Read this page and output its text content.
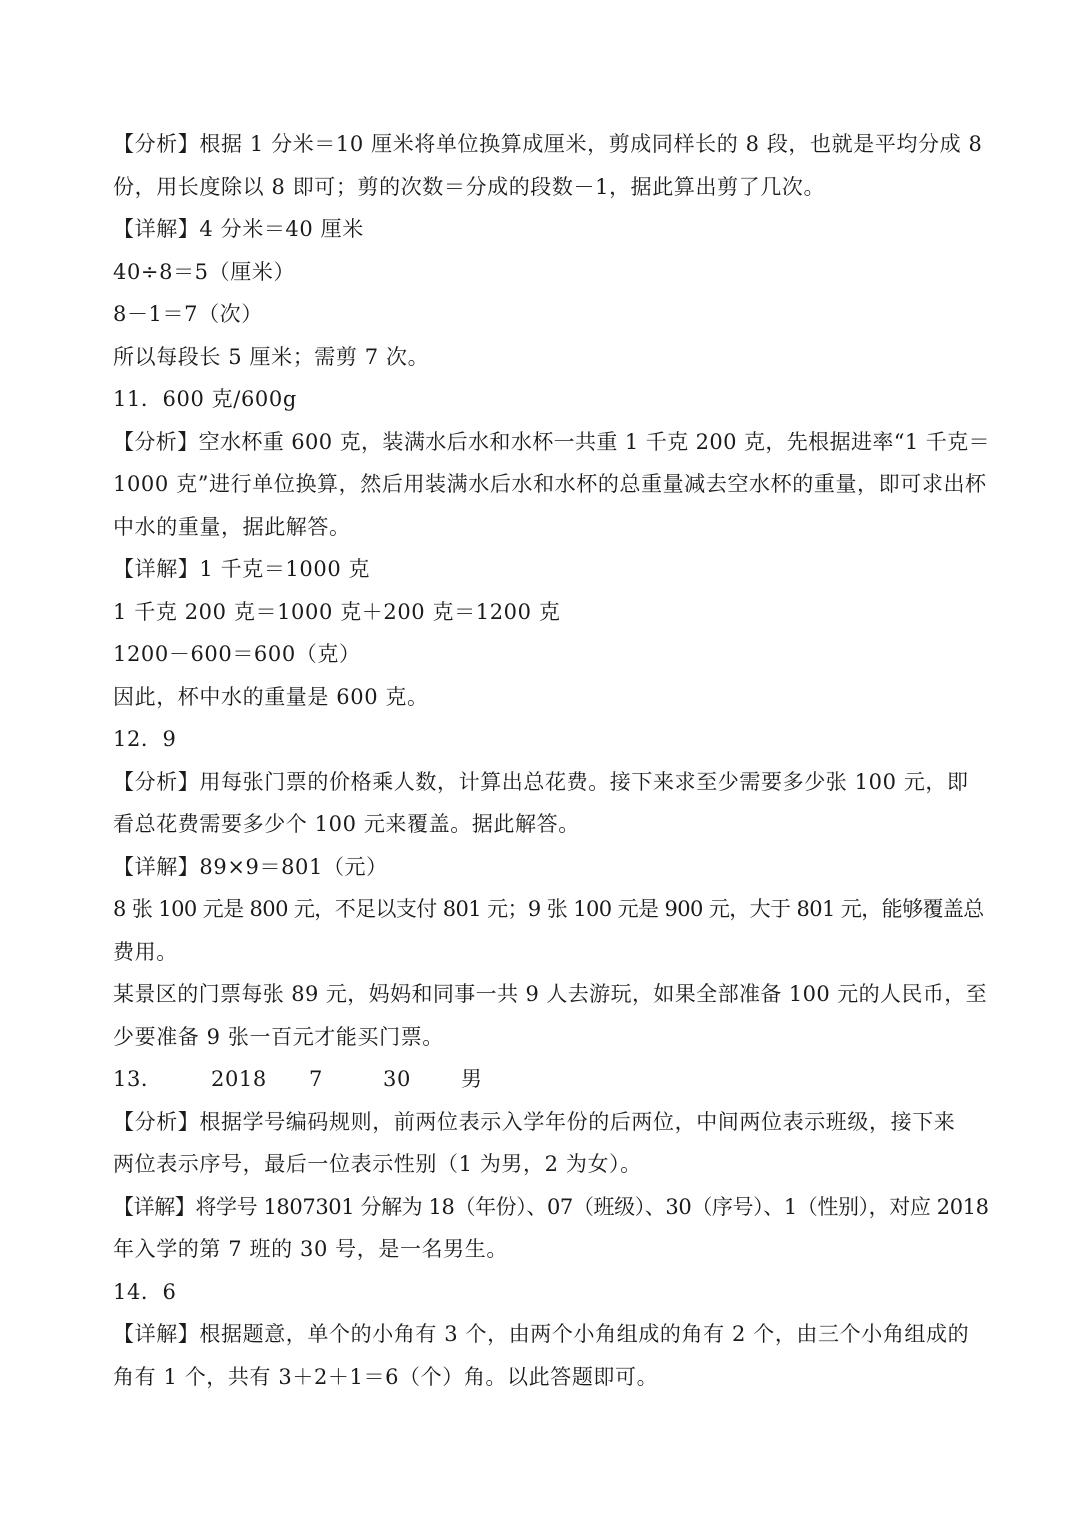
【分析】根据 1 分米＝10 厘米将单位换算成厘米，剪成同样长的 8 段，也就是平均分成 8
份，用长度除以 8 即可；剪的次数＝分成的段数－1，据此算出剪了几次。
【详解】4 分米＝40 厘米
40÷8＝5（厘米）
8－1＝7（次）
所以每段长 5 厘米；需剪 7 次。
11．600 克/600g
【分析】空水杯重 600 克，装满水后水和水杯一共重 1 千克 200 克，先根据进率“1 千克＝
1000 克”进行单位换算，然后用装满水后水和水杯的总重量减去空水杯的重量，即可求出杯
中水的重量，据此解答。
【详解】1 千克＝1000 克
1 千克 200 克＝1000 克＋200 克＝1200 克
1200－600＝600（克）
因此，杯中水的重量是 600 克。
12．9
【分析】用每张门票的价格乘人数，计算出总花费。接下来求至少需要多少张 100 元，即
看总花费需要多少个 100 元来覆盖。据此解答。
【详解】89×9＝801（元）
8 张 100 元是 800 元，不足以支付 801 元；9 张 100 元是 900 元，大于 801 元，能够覆盖总
费用。
某景区的门票每张 89 元，妈妈和同事一共 9 人去游玩，如果全部准备 100 元的人民币，至
少要准备 9 张一百元才能买门票。
13． 2018 7	30 男
【分析】根据学号编码规则，前两位表示入学年份的后两位，中间两位表示班级，接下来
两位表示序号，最后一位表示性别（1 为男，2 为女）。
【详解】将学号 1807301 分解为 18（年份）、07（班级）、30（序号）、1（性别），对应 2018
年入学的第 7 班的 30 号，是一名男生。
14．6
【详解】根据题意，单个的小角有 3 个，由两个小角组成的角有 2 个，由三个小角组成的
角有 1 个，共有 3＋2＋1＝6（个）角。以此答题即可。
